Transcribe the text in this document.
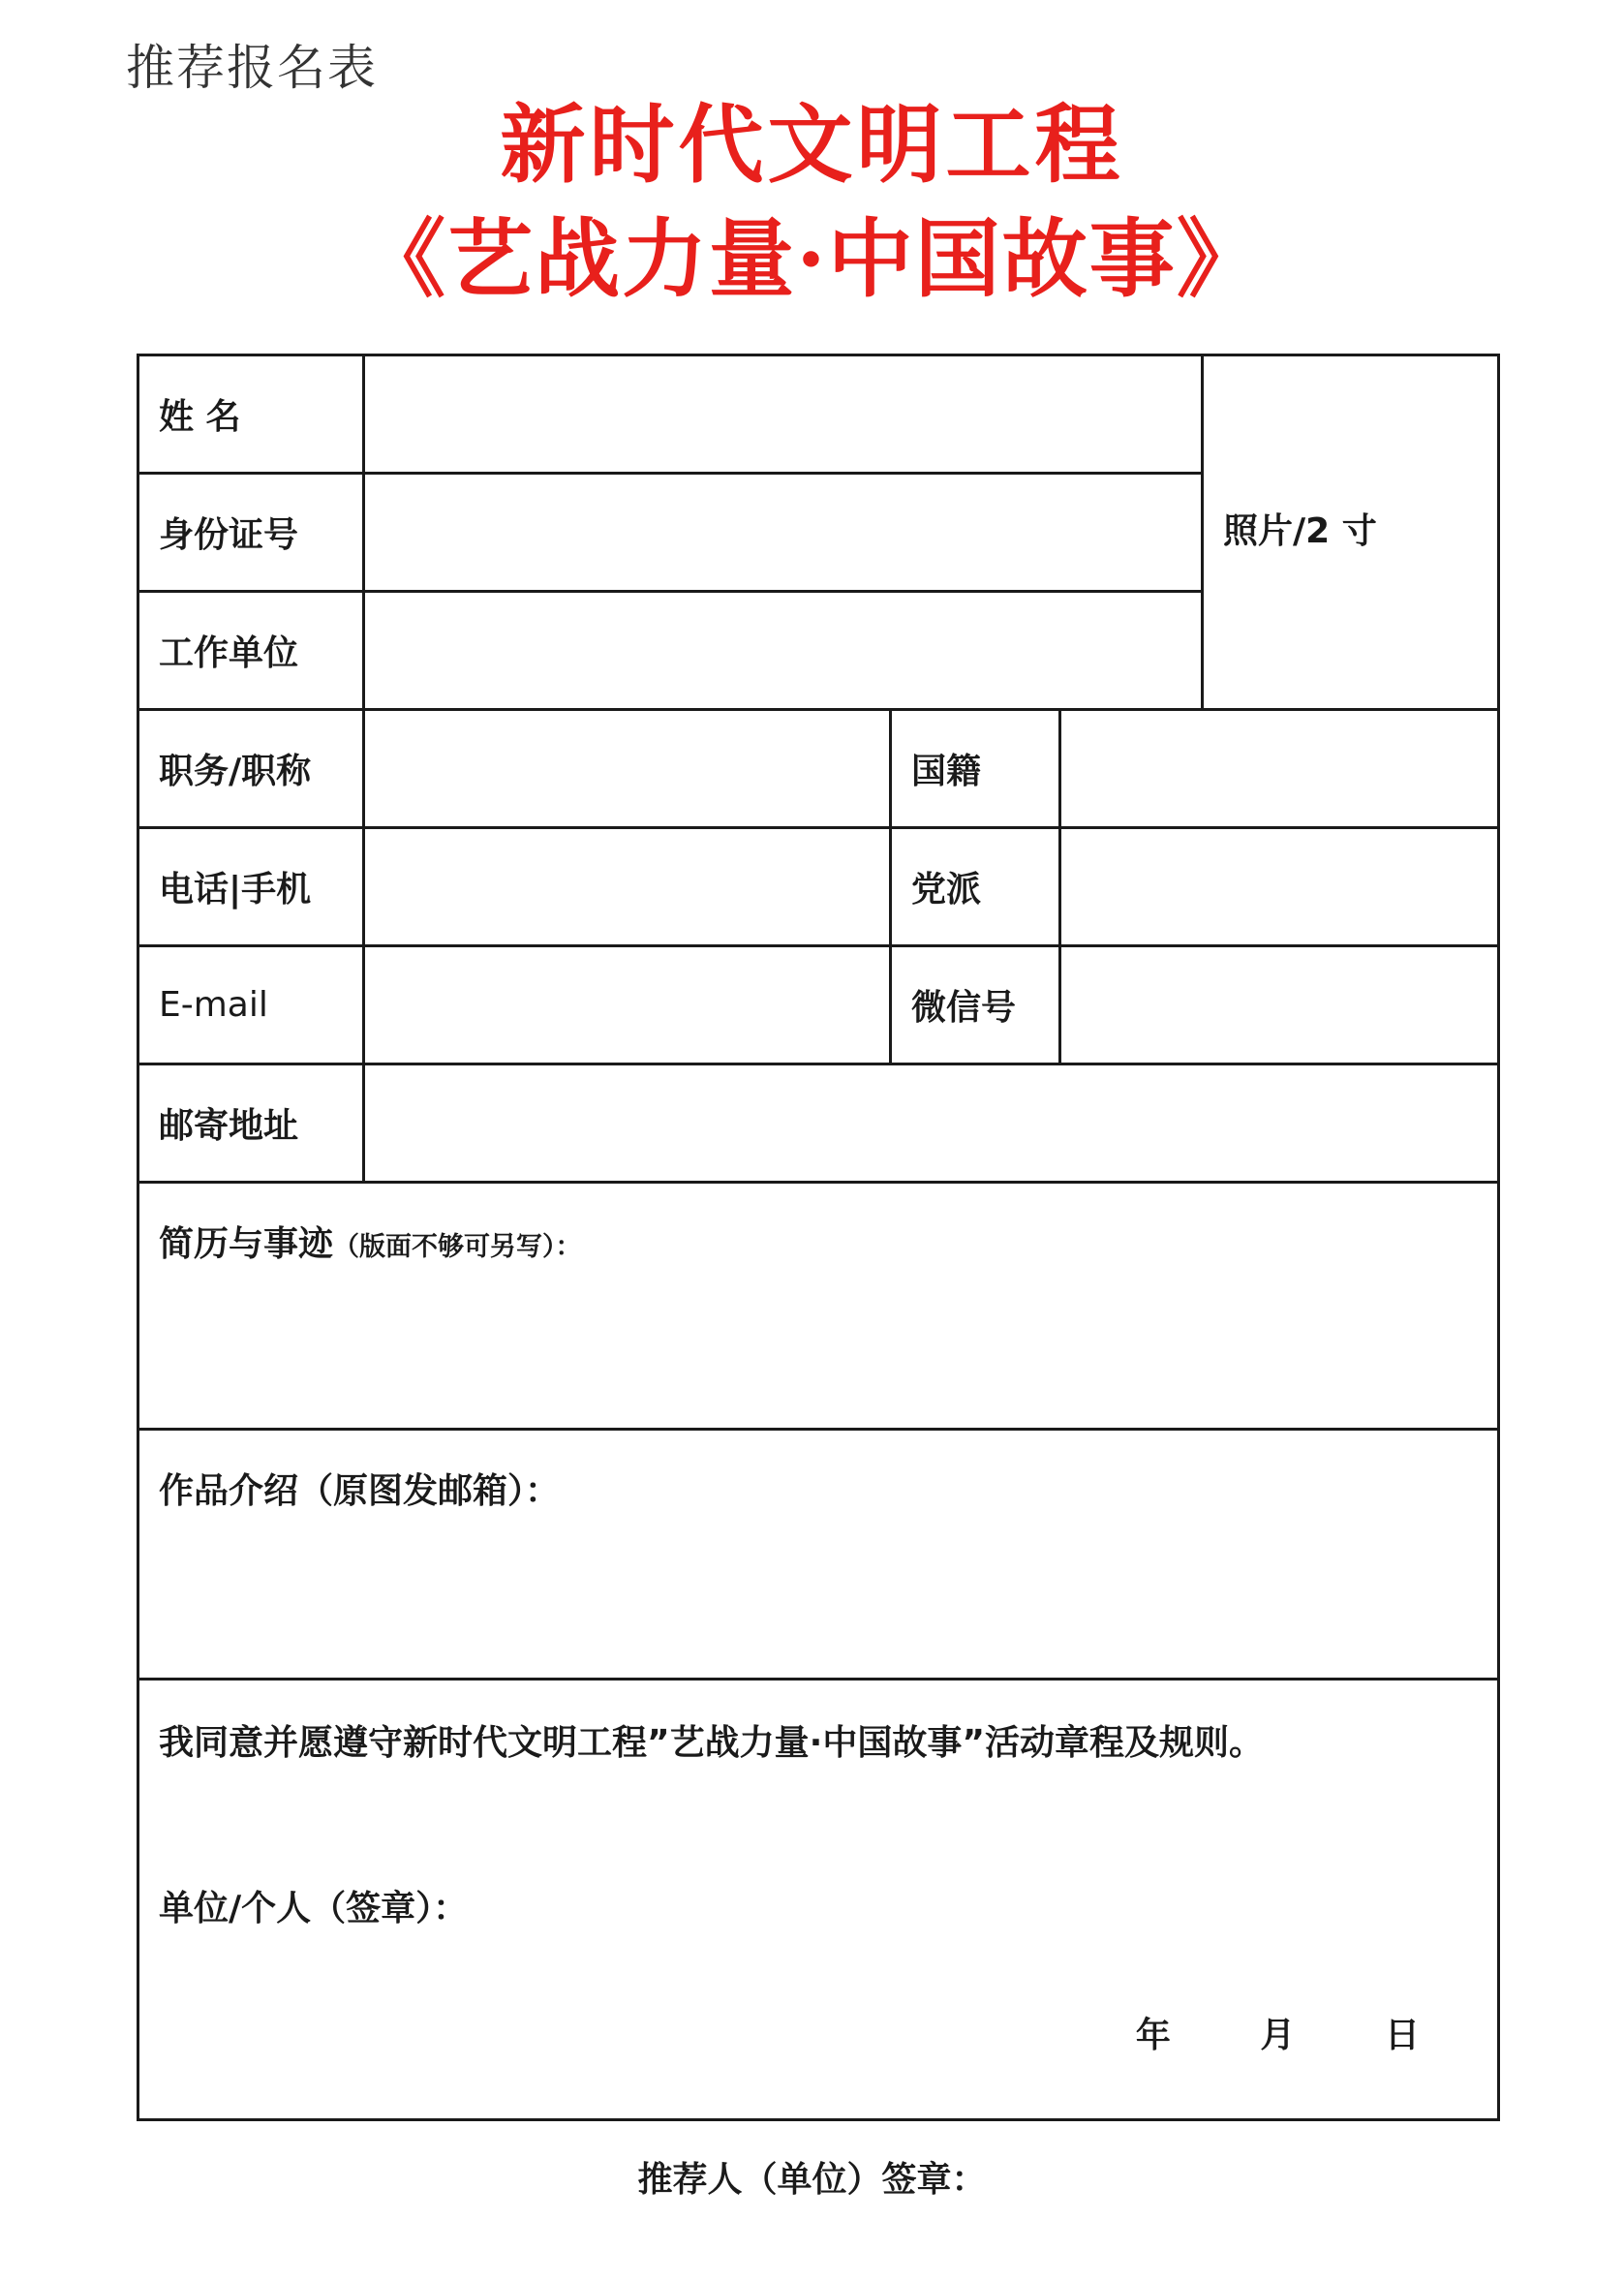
推荐报名表
新时代文明工程
《艺战力量·中国故事》
姓 名				照片/2 寸

身份证号				
工作单位				
职务/职称		国籍		
电话|手机		党派		
E-mail		微信号		
邮寄地址				
简历与事迹（版面不够可另写）：				
作品介绍（原图发邮箱）：				

我同意并愿遵守新时代文明工程”艺战力量·中国故事”活动章程及规则。
单位/个人（签章）：
年 月 日				
推荐人（单位）签章：
